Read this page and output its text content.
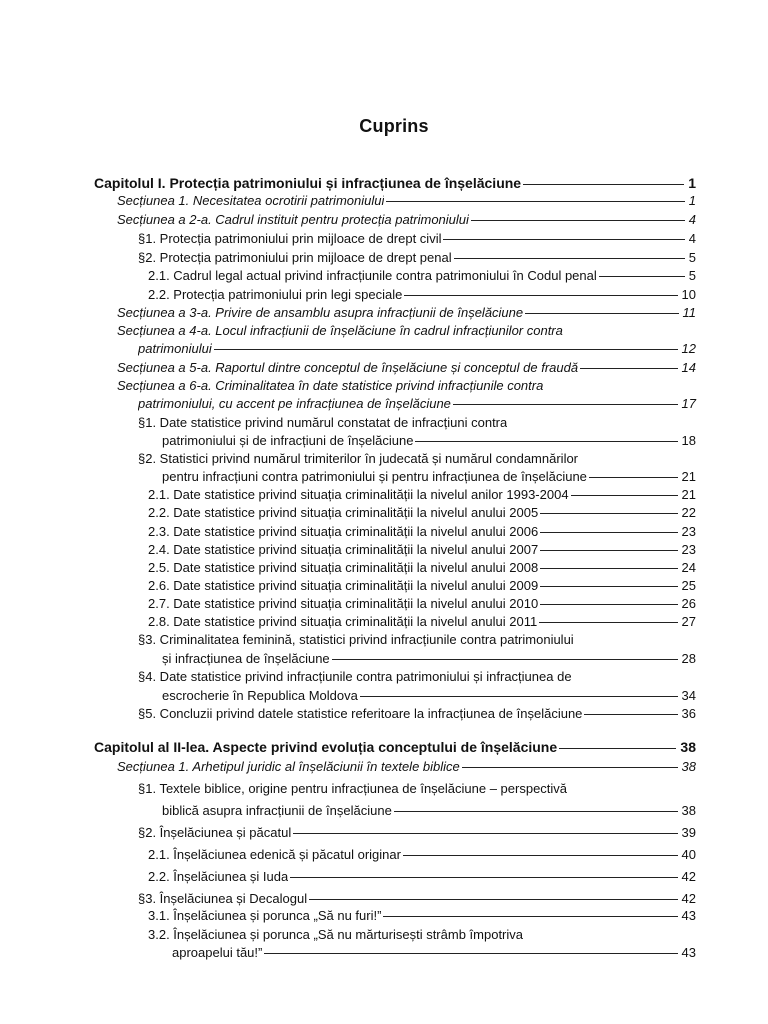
Cuprins
Capitolul I. Protecția patrimoniului și infracțiunea de înșelăciune	1
Secțiunea 1. Necesitatea ocrotirii patrimoniului	1
Secțiunea a 2-a. Cadrul instituit pentru protecția patrimoniului	4
§1. Protecția patrimoniului prin mijloace de drept civil	4
§2. Protecția patrimoniului prin mijloace de drept penal	5
2.1. Cadrul legal actual privind infracțiunile contra patrimoniului în Codul penal	5
2.2. Protecția patrimoniului prin legi speciale	10
Secțiunea a 3-a. Privire de ansamblu asupra infracțiunii de înșelăciune	11
Secțiunea a 4-a. Locul infracțiunii de înșelăciune în cadrul infracțiunilor contra
patrimoniului	12
Secțiunea a 5-a. Raportul dintre conceptul de înșelăciune și conceptul de fraudă	14
Secțiunea a 6-a. Criminalitatea în date statistice privind infracțiunile contra
patrimoniului, cu accent pe infracțiunea de înșelăciune	17
§1. Date statistice privind numărul constatat de infracțiuni contra
patrimoniului și de infracțiuni de înșelăciune	18
§2. Statistici privind numărul trimiterilor în judecată și numărul condamnărilor
pentru infracțiuni contra patrimoniului și pentru infracțiunea de înșelăciune	21
2.1. Date statistice privind situația criminalității la nivelul anilor 1993-2004	21
2.2. Date statistice privind situația criminalității la nivelul anului 2005	22
2.3. Date statistice privind situația criminalității la nivelul anului 2006	23
2.4. Date statistice privind situația criminalității la nivelul anului 2007	23
2.5. Date statistice privind situația criminalității la nivelul anului 2008	24
2.6. Date statistice privind situația criminalității la nivelul anului 2009	25
2.7. Date statistice privind situația criminalității la nivelul anului 2010	26
2.8. Date statistice privind situația criminalității la nivelul anului 2011	27
§3. Criminalitatea feminină, statistici privind infracțiunile contra patrimoniului
și infracțiunea de înșelăciune	28
§4. Date statistice privind infracțiunile contra patrimoniului și infracțiunea de
escrocherie în Republica Moldova	34
§5. Concluzii privind datele statistice referitoare la infracțiunea de înșelăciune	36
Capitolul al II-lea. Aspecte privind evoluția conceptului de înșelăciune	38
Secțiunea 1. Arhetipul juridic al înșelăciunii în textele biblice	38
§1. Textele biblice, origine pentru infracțiunea de înșelăciune – perspectivă
biblică asupra infracțiunii de înșelăciune	38
§2. Înșelăciunea și păcatul	39
2.1. Înșelăciunea edenică și păcatul originar	40
2.2. Înșelăciunea și Iuda	42
§3. Înșelăciunea și Decalogul	42
3.1. Înșelăciunea și porunca „Să nu furi!”	43
3.2. Înșelăciunea și porunca „Să nu mărturisești strâmb împotriva
aproapelui tău!”	43
